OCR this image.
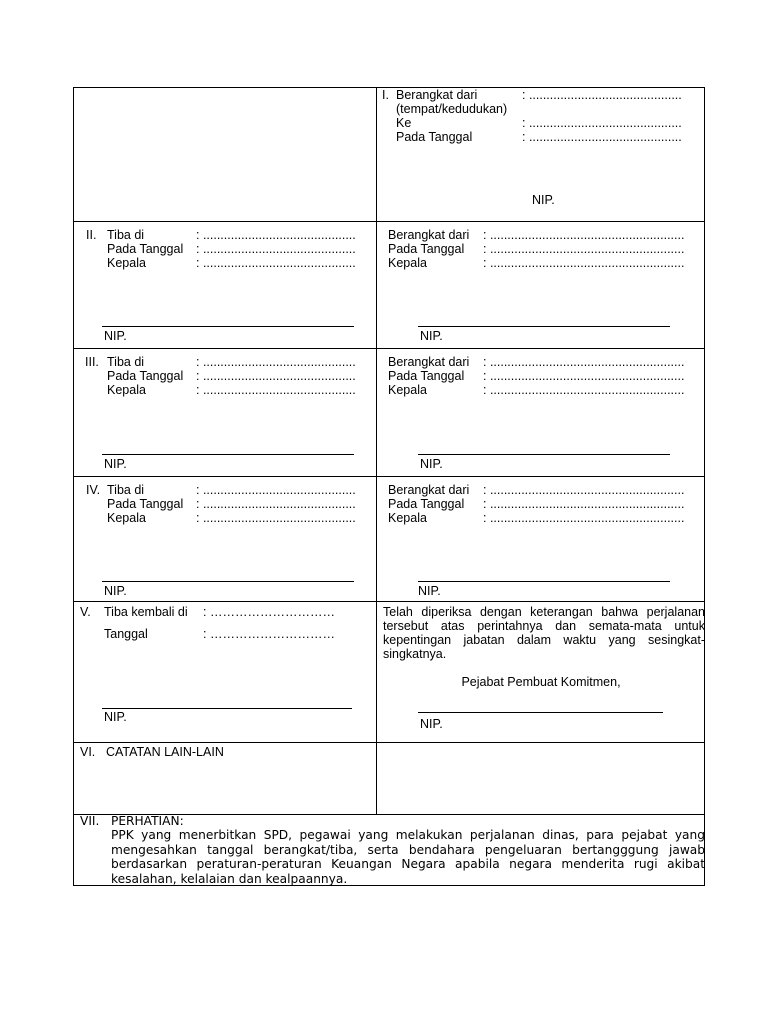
I. Berangkat dari	: ............................................
(tempat/kedudukan)
Ke	: ............................................
Pada Tanggal	: ............................................
NIP.
II. Tiba di	: ............................................
Pada Tanggal : ............................................
Kepala	: ............................................
Berangkat dari : ........................................................
Pada Tanggal : ........................................................
Kepala	: ........................................................
NIP.	NIP.
III. Tiba di	: ............................................
Pada Tanggal : ............................................
Kepala	: ............................................
Berangkat dari : ........................................................
Pada Tanggal : ........................................................
Kepala	: ........................................................
NIP.	NIP.
IV. Tiba di	: ............................................
Pada Tanggal : ............................................
Kepala	: ............................................
Berangkat dari : ........................................................
Pada Tanggal : ........................................................
Kepala	: ........................................................
NIP.	NIP.
V. Tiba kembali di : …………………………
Tanggal	: …………………………
NIP.
Telah diperiksa dengan keterangan bahwa perjalanan tersebut atas perintahnya dan semata-mata untuk kepentingan jabatan dalam waktu yang sesingkat-singkatnya.
Pejabat Pembuat Komitmen,
NIP.
VI. CATATAN LAIN-LAIN
VII. PERHATIAN:
PPK yang menerbitkan SPD, pegawai yang melakukan perjalanan dinas, para pejabat yang mengesahkan tanggal berangkat/tiba, serta bendahara pengeluaran bertangggung jawab berdasarkan peraturan-peraturan Keuangan Negara apabila negara menderita rugi akibat kesalahan, kelalaian dan kealpaannya.
